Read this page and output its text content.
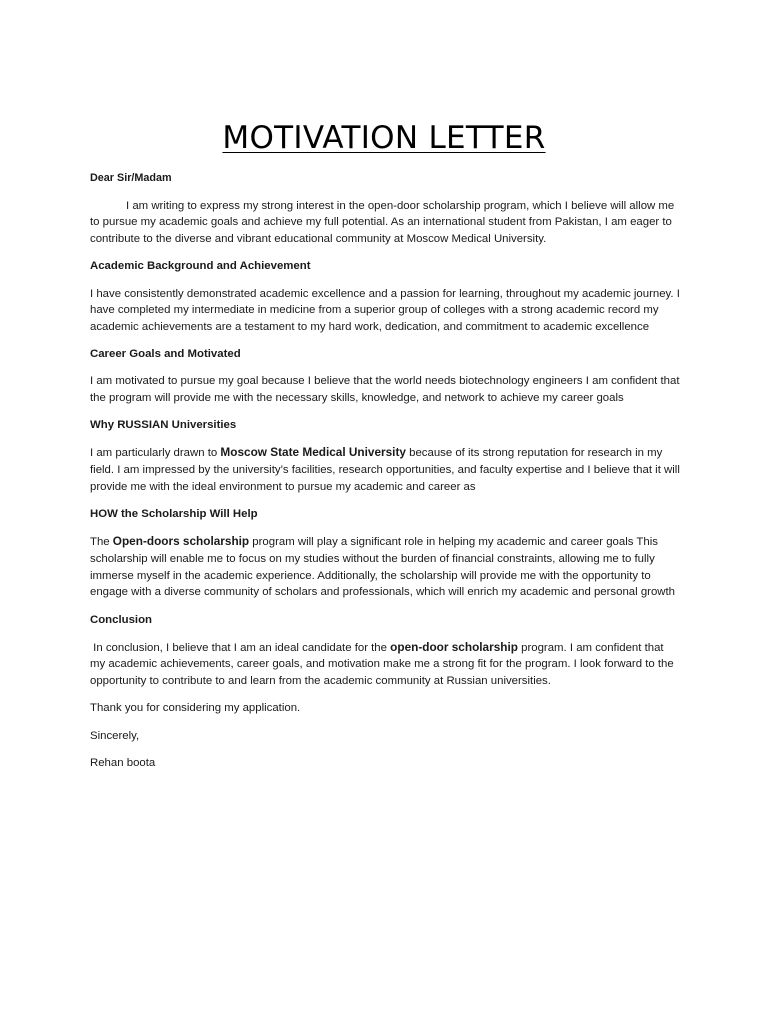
MOTIVATION LETTER

Dear Sir/Madam

I am writing to express my strong interest in the open-door scholarship program, which I believe will allow me to pursue my academic goals and achieve my full potential. As an international student from Pakistan, I am eager to contribute to the diverse and vibrant educational community at Moscow Medical University.

Academic Background and Achievement

I have consistently demonstrated academic excellence and a passion for learning, throughout my academic journey. I have completed my intermediate in medicine from a superior group of colleges with a strong academic record my academic achievements are a testament to my hard work, dedication, and commitment to academic excellence

Career Goals and Motivated

I am motivated to pursue my goal because I believe that the world needs biotechnology engineers I am confident that the program will provide me with the necessary skills, knowledge, and network to achieve my career goals

Why RUSSIAN Universities

I am particularly drawn to Moscow State Medical University because of its strong reputation for research in my field. I am impressed by the university’s facilities, research opportunities, and faculty expertise and I believe that it will provide me with the ideal environment to pursue my academic and career as

HOW the Scholarship Will Help

The Open-doors scholarship program will play a significant role in helping my academic and career goals This scholarship will enable me to focus on my studies without the burden of financial constraints, allowing me to fully immerse myself in the academic experience. Additionally, the scholarship will provide me with the opportunity to engage with a diverse community of scholars and professionals, which will enrich my academic and personal growth

Conclusion

In conclusion, I believe that I am an ideal candidate for the open-door scholarship program. I am confident that my academic achievements, career goals, and motivation make me a strong fit for the program. I look forward to the opportunity to contribute to and learn from the academic community at Russian universities.

Thank you for considering my application.

Sincerely,

Rehan boota
